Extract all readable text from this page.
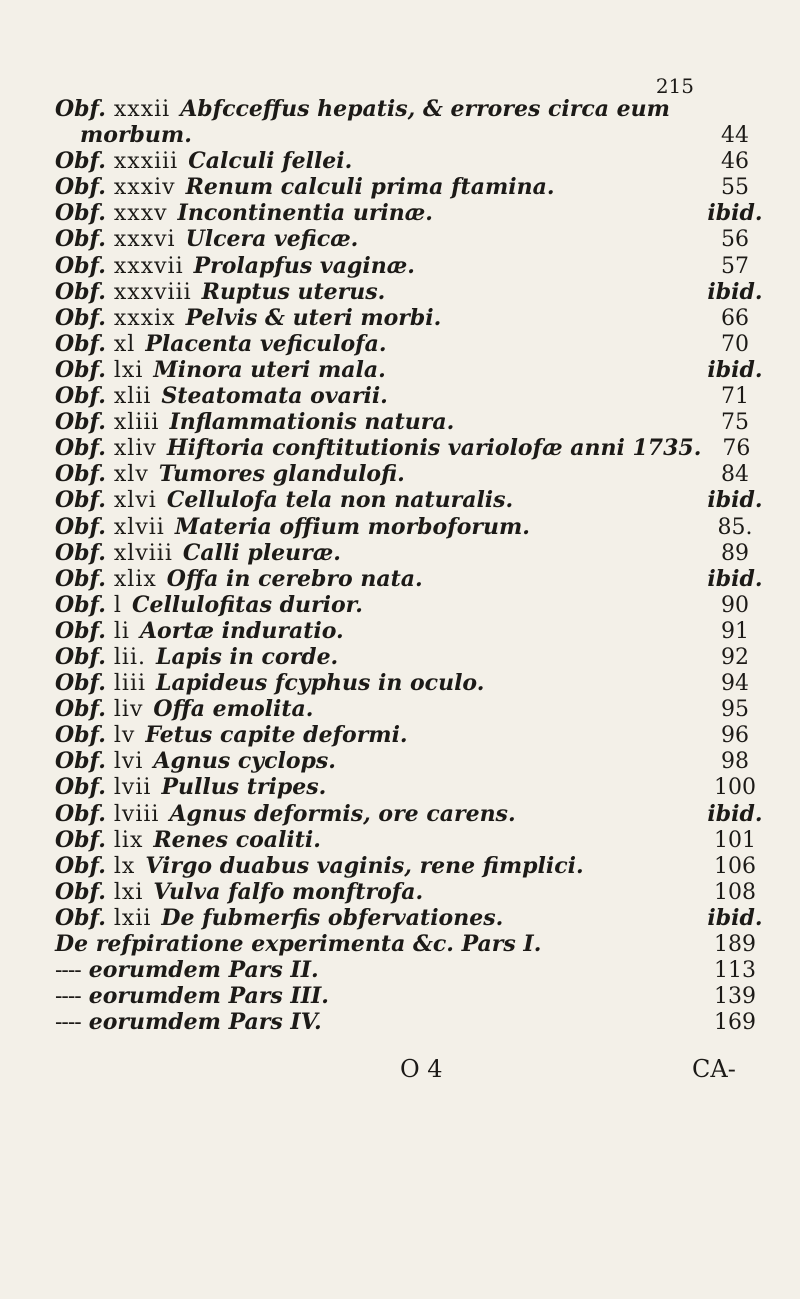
215
Obf. xxxii Abfcceffus hepatis, & errores circa eum
morbum.	44
Obf. xxxiii Calculi fellei.	46
Obf. xxxiv Renum calculi prima ftamina.	55
Obf. xxxv Incontinentia urinæ.	ibid.
Obf. xxxvi Ulcera veficæ.	56
Obf. xxxvii Prolapfus vaginæ.	57
Obf. xxxviii Ruptus uterus.	ibid.
Obf. xxxix Pelvis & uteri morbi.	66
Obf. xl Placenta veficulofa.	70
Obf. lxi Minora uteri mala.	ibid.
Obf. xlii Steatomata ovarii.	71
Obf. xliii Inflammationis natura.	75
Obf. xliv Hiftoria conftitutionis variolofæ anni 1735. 76
Obf. xlv Tumores glandulofi.	84
Obf. xlvi Cellulofa tela non naturalis.	ibid.
Obf. xlvii Materia offium morboforum.	85.
Obf. xlviii Calli pleuræ.	89
Obf. xlix Offa in cerebro nata.	ibid.
Obf. l Cellulofitas durior.	90
Obf. li Aortæ induratio.	91
Obf. lii. Lapis in corde.	92
Obf. liii Lapideus fcyphus in oculo.	94
Obf. liv Offa emolita.	95
Obf. lv Fetus capite deformi.	96
Obf. lvi Agnus cyclops.	98
Obf. lvii Pullus tripes.	100
Obf. lviii Agnus deformis, ore carens.	ibid.
Obf. lix Renes coaliti.	101
Obf. lx Virgo duabus vaginis, rene fimplici.	106
Obf. lxi Vulva falfo monftrofa.	108
Obf. lxii De fubmerfis obfervationes.	ibid.
De refpiratione experimenta &c. Pars I.	189
---- eorumdem Pars II.	113
---- eorumdem Pars III.	139
---- eorumdem Pars IV.	169
O 4	CA-
